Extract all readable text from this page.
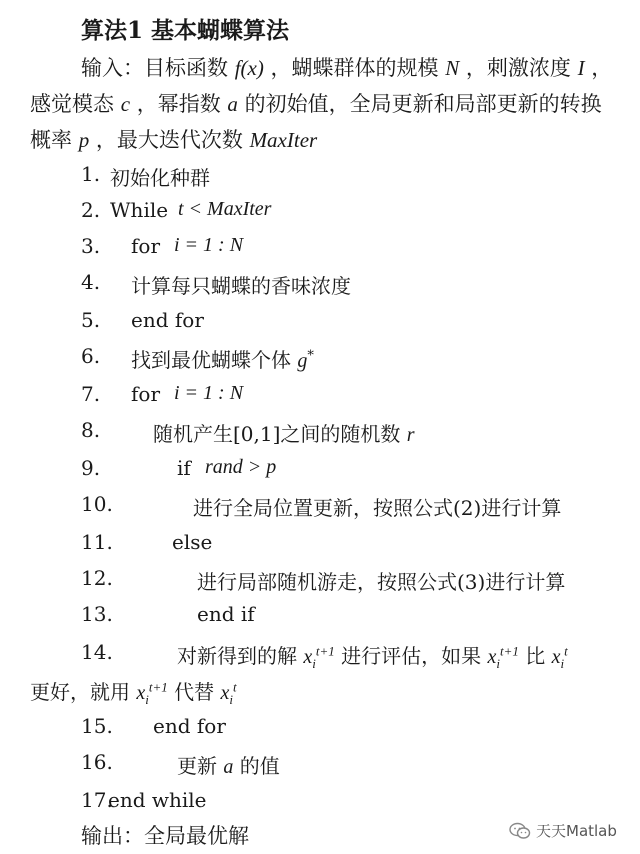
算法1 基本蝴蝶算法
输入：目标函数 f(x) ，蝴蝶群体的规模 N ，刺激浓度 I ，
感觉模态 c ，幂指数 a 的初始值，全局更新和局部更新的转换
概率 p ，最大迭代次数 MaxIter
1. 初始化种群
2. While t < MaxIter
3. for i = 1 : N
4. 计算每只蝴蝶的香味浓度
5. end for
6. 找到最优蝴蝶个体 g*
7. for i = 1 : N
8.	随机产生[0,1]之间的随机数 r
9.	if rand > p
10.	进行全局位置更新，按照公式(2)进行计算
11.	else
12.	进行局部随机游走，按照公式(3)进行计算
13.	end if
14.	对新得到的解 $x_i^{t+1}$ 进行评估，如果 $x_i^{t+1}$ 比 $x_i^t$
更好，就用 $x_i^{t+1}$ 代替 $x_i^t$
15. end for
16.	更新 a 的值
17.
end while
输出：全局最优解	天天Matlab
